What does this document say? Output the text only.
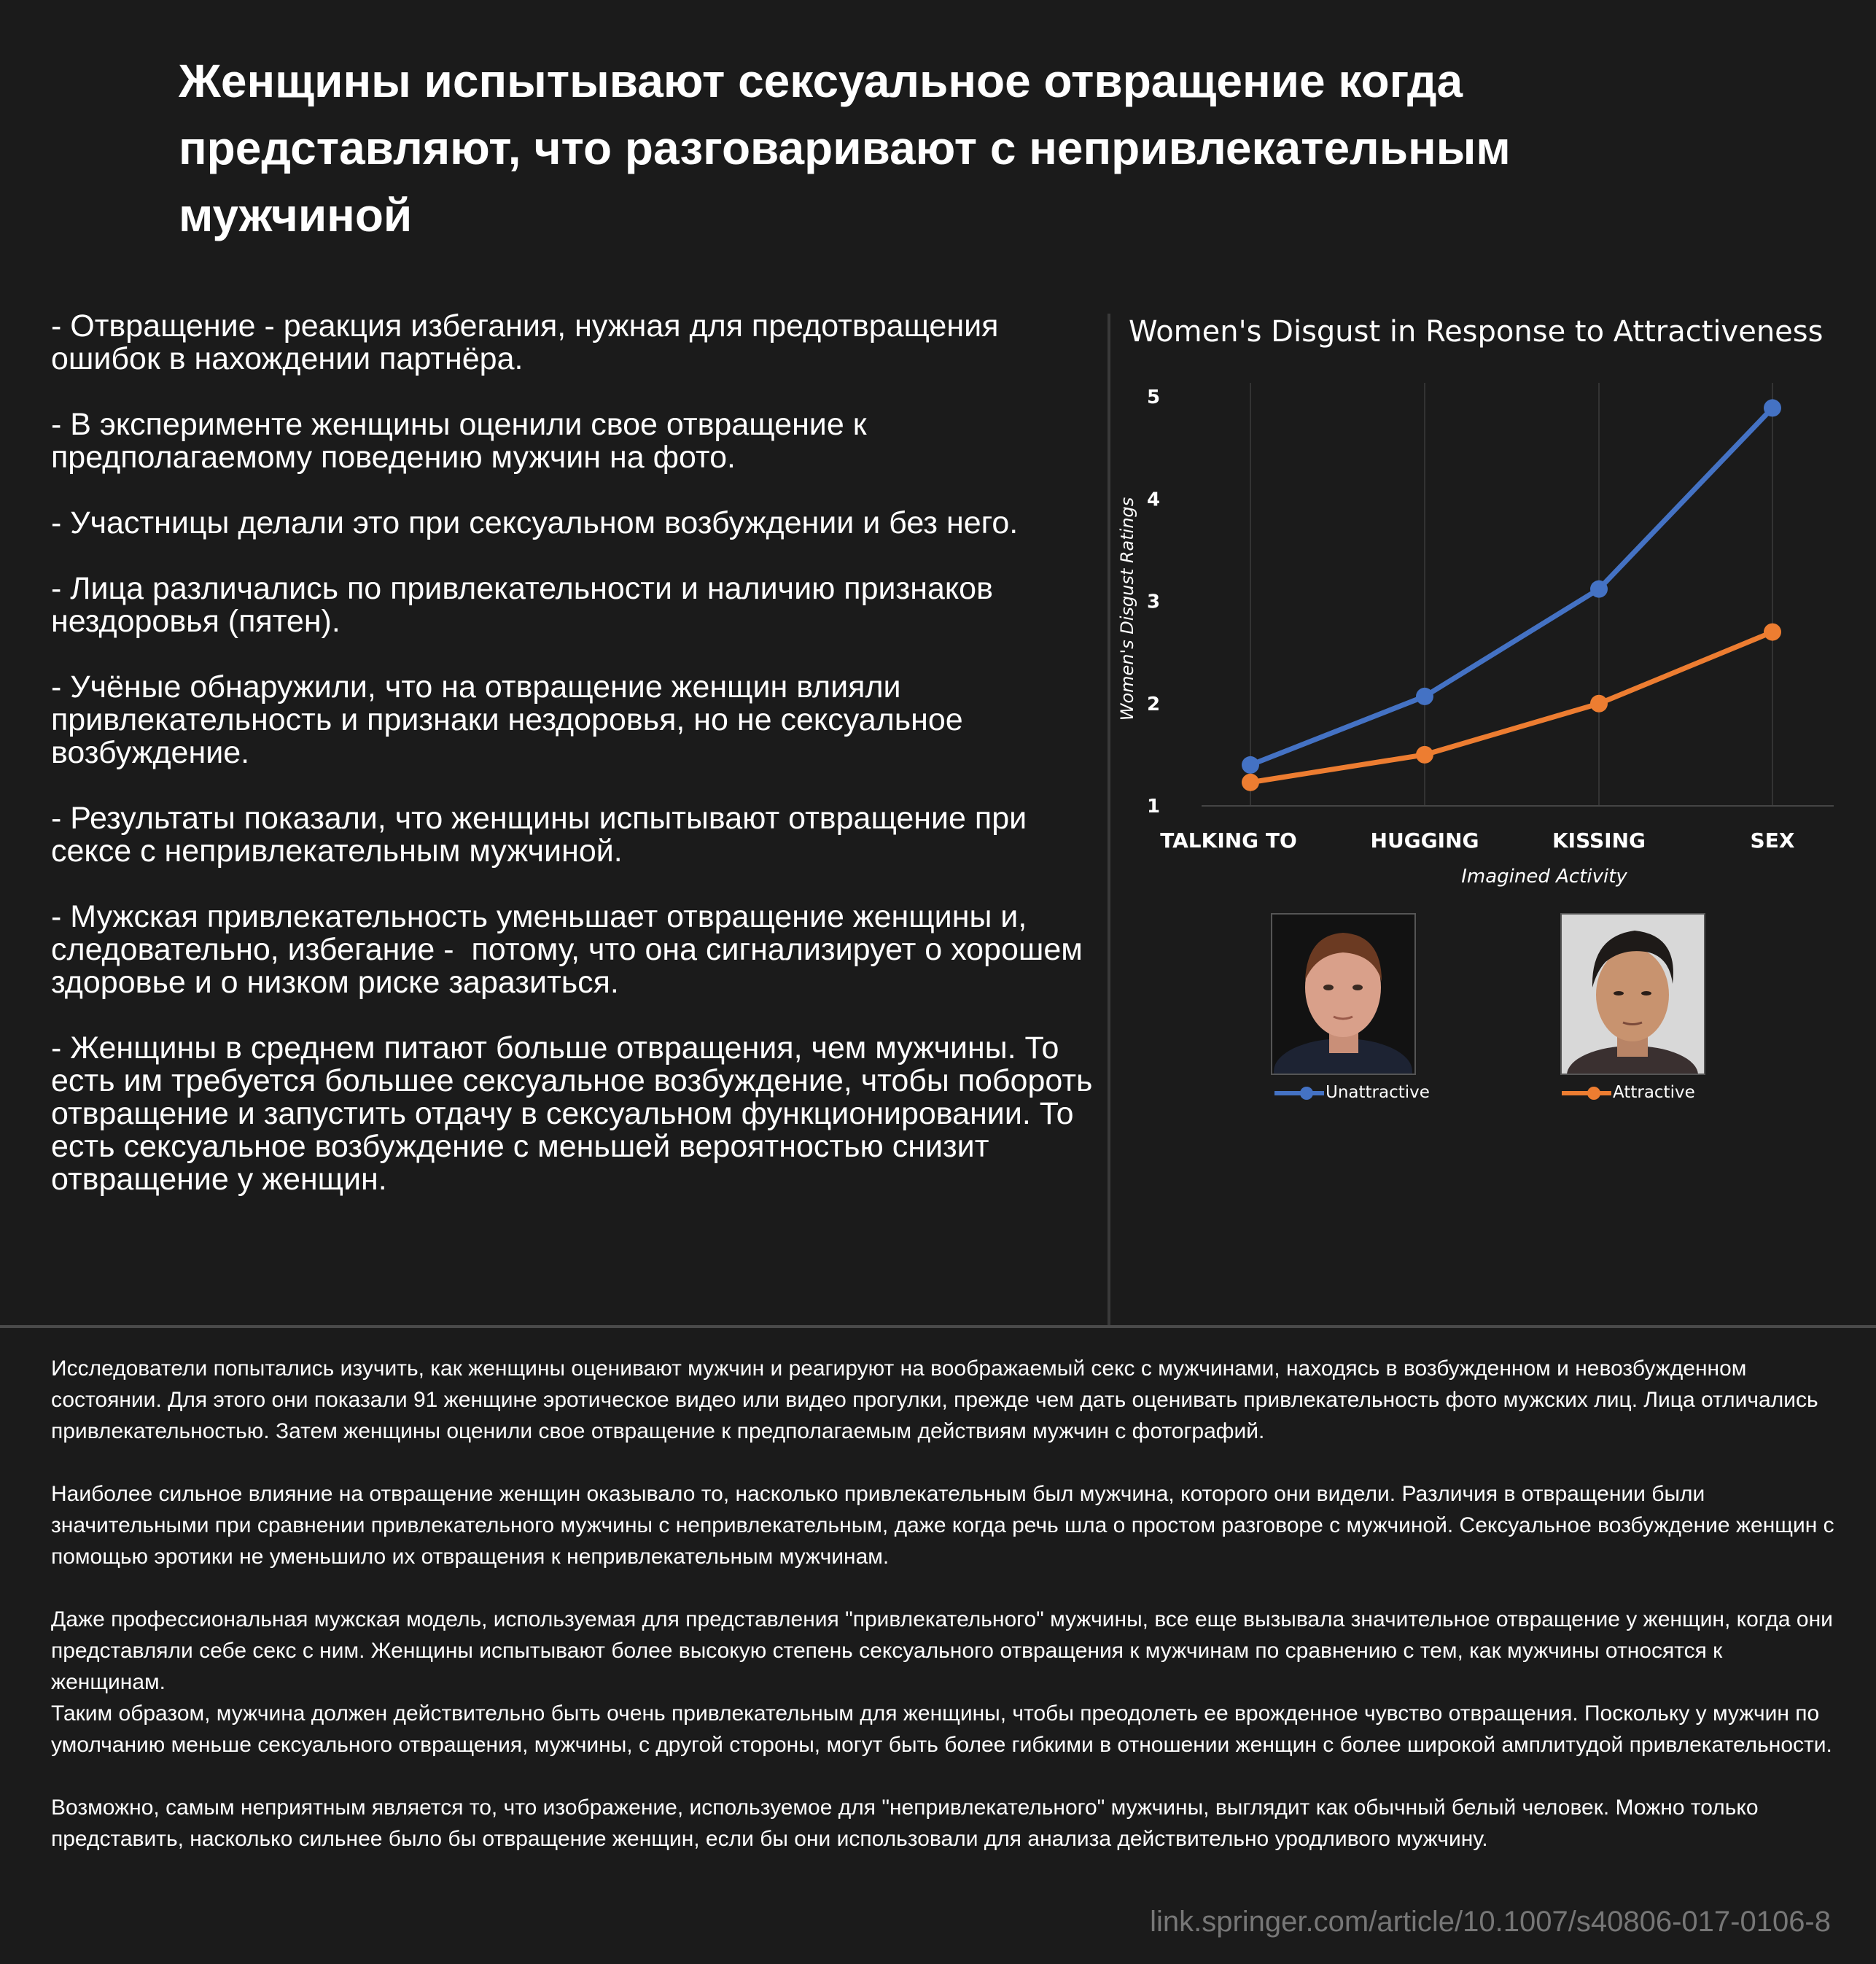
Женщины испытывают сексуальное отвращение когда представляют, что разговаривают с непривлекательным мужчиной
- Отвращение - реакция избегания, нужная для предотвращения ошибок в нахождении партнёра.
- В эксперименте женщины оценили свое отвращение к предполагаемому поведению мужчин на фото.
- Участницы делали это при сексуальном возбуждении и без него.
- Лица различались по привлекательности и наличию признаков нездоровья (пятен).
- Учёные обнаружили, что на отвращение женщин влияли привлекательность и признаки нездоровья, но не сексуальное возбуждение.
- Результаты показали, что женщины испытывают отвращение при сексе с непривлекательным мужчиной.
- Мужская привлекательность уменьшает отвращение женщины и, следовательно, избегание -  потому, что она сигнализирует о хорошем здоровье и о низком риске заразиться.
- Женщины в среднем питают больше отвращения, чем мужчины. То есть им требуется большее сексуальное возбуждение, чтобы побороть отвращение и запустить отдачу в сексуальном функционировании. То есть сексуальное возбуждение с меньшей вероятностью снизит отвращение у женщин.
Women's Disgust in Response to Attractiveness
1
2
3
4
5
TALKING TO	HUGGING	KISSING	SEX
Women's Disgust Ratings
Imagined Activity
Unattractive	Attractive

Исследователи попытались изучить, как женщины оценивают мужчин и реагируют на воображаемый секс с мужчинами, находясь в возбужденном и невозбужденном состоянии. Для этого они показали 91 женщине эротическое видео или видео прогулки, прежде чем дать оценивать привлекательность фото мужских лиц. Лица отличались привлекательностью. Затем женщины оценили свое отвращение к предполагаемым действиям мужчин с фотографий.

Наиболее сильное влияние на отвращение женщин оказывало то, насколько привлекательным был мужчина, которого они видели. Различия в отвращении были значительными при сравнении привлекательного мужчины с непривлекательным, даже когда речь шла о простом разговоре с мужчиной. Сексуальное возбуждение женщин с помощью эротики не уменьшило их отвращения к непривлекательным мужчинам.

Даже профессиональная мужская модель, используемая для представления "привлекательного" мужчины, все еще вызывала значительное отвращение у женщин, когда они представляли себе секс с ним. Женщины испытывают более высокую степень сексуального отвращения к мужчинам по сравнению с тем, как мужчины относятся к женщинам.

Таким образом, мужчина должен действительно быть очень привлекательным для женщины, чтобы преодолеть ее врожденное чувство отвращения. Поскольку у мужчин по умолчанию меньше сексуального отвращения, мужчины, с другой стороны, могут быть более гибкими в отношении женщин с более широкой амплитудой привлекательности.

Возможно, самым неприятным является то, что изображение, используемое для "непривлекательного" мужчины, выглядит как обычный белый человек. Можно только представить, насколько сильнее было бы отвращение женщин, если бы они использовали для анализа действительно уродливого мужчину.

link.springer.com/article/10.1007/s40806-017-0106-8
